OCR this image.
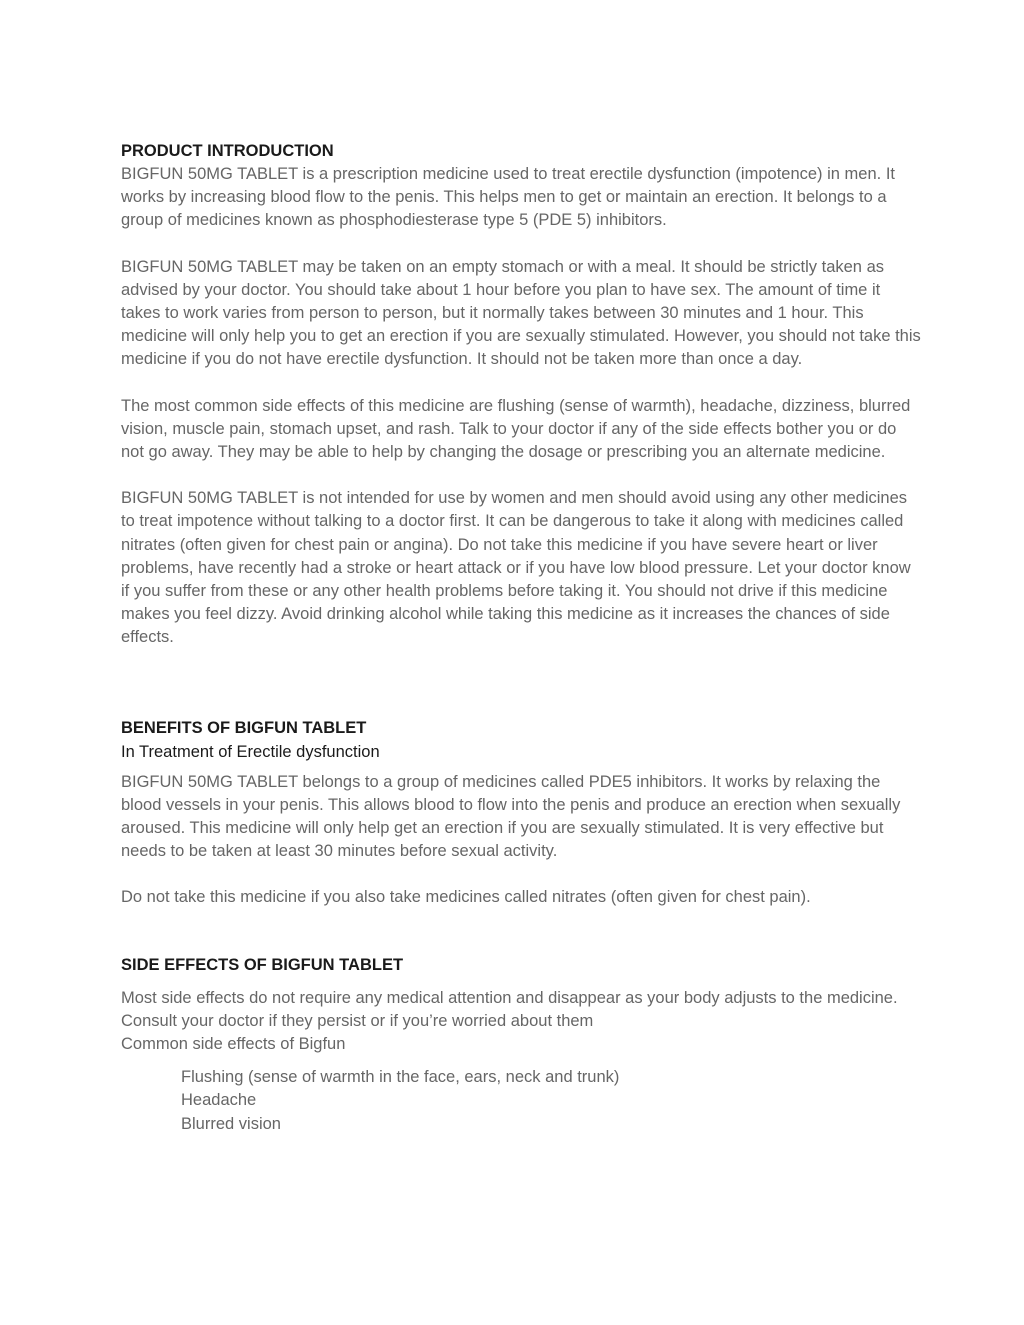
PRODUCT INTRODUCTION

BIGFUN 50MG TABLET is a prescription medicine used to treat erectile dysfunction (impotence) in men. It works by increasing blood flow to the penis. This helps men to get or maintain an erection. It belongs to a group of medicines known as phosphodiesterase type 5 (PDE 5) inhibitors.

BIGFUN 50MG TABLET may be taken on an empty stomach or with a meal. It should be strictly taken as advised by your doctor. You should take about 1 hour before you plan to have sex. The amount of time it takes to work varies from person to person, but it normally takes between 30 minutes and 1 hour. This medicine will only help you to get an erection if you are sexually stimulated. However, you should not take this medicine if you do not have erectile dysfunction. It should not be taken more than once a day.

The most common side effects of this medicine are flushing (sense of warmth), headache, dizziness, blurred vision, muscle pain, stomach upset, and rash. Talk to your doctor if any of the side effects bother you or do not go away. They may be able to help by changing the dosage or prescribing you an alternate medicine.

BIGFUN 50MG TABLET is not intended for use by women and men should avoid using any other medicines to treat impotence without talking to a doctor first. It can be dangerous to take it along with medicines called nitrates (often given for chest pain or angina). Do not take this medicine if you have severe heart or liver problems, have recently had a stroke or heart attack or if you have low blood pressure. Let your doctor know if you suffer from these or any other health problems before taking it. You should not drive if this medicine makes you feel dizzy. Avoid drinking alcohol while taking this medicine as it increases the chances of side effects.

BENEFITS OF BIGFUN TABLET
In Treatment of Erectile dysfunction

BIGFUN 50MG TABLET belongs to a group of medicines called PDE5 inhibitors. It works by relaxing the blood vessels in your penis. This allows blood to flow into the penis and produce an erection when sexually aroused. This medicine will only help get an erection if you are sexually stimulated. It is very effective but needs to be taken at least 30 minutes before sexual activity.

Do not take this medicine if you also take medicines called nitrates (often given for chest pain).

SIDE EFFECTS OF BIGFUN TABLET

Most side effects do not require any medical attention and disappear as your body adjusts to the medicine. Consult your doctor if they persist or if you’re worried about them

Common side effects of Bigfun

Flushing (sense of warmth in the face, ears, neck and trunk)
Headache
Blurred vision
